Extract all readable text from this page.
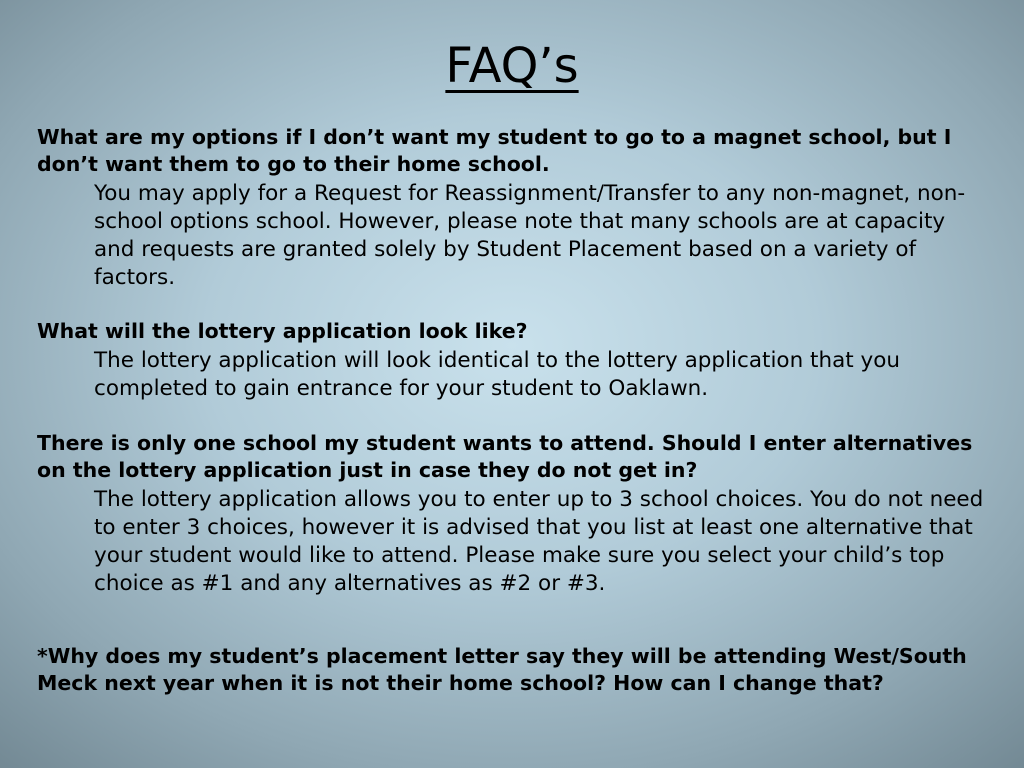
FAQ’s

What are my options if I don’t want my student to go to a magnet school, but I don’t want them to go to their home school.

You may apply for a Request for Reassignment/Transfer to any non-magnet, non-school options school. However, please note that many schools are at capacity and requests are granted solely by Student Placement based on a variety of factors.

What will the lottery application look like?

The lottery application will look identical to the lottery application that you completed to gain entrance for your student to Oaklawn.

There is only one school my student wants to attend. Should I enter alternatives on the lottery application just in case they do not get in?

The lottery application allows you to enter up to 3 school choices. You do not need to enter 3 choices, however it is advised that you list at least one alternative that your student would like to attend. Please make sure you select your child’s top choice as #1 and any alternatives as #2 or #3.

*Why does my student’s placement letter say they will be attending West/South Meck next year when it is not their home school? How can I change that?
